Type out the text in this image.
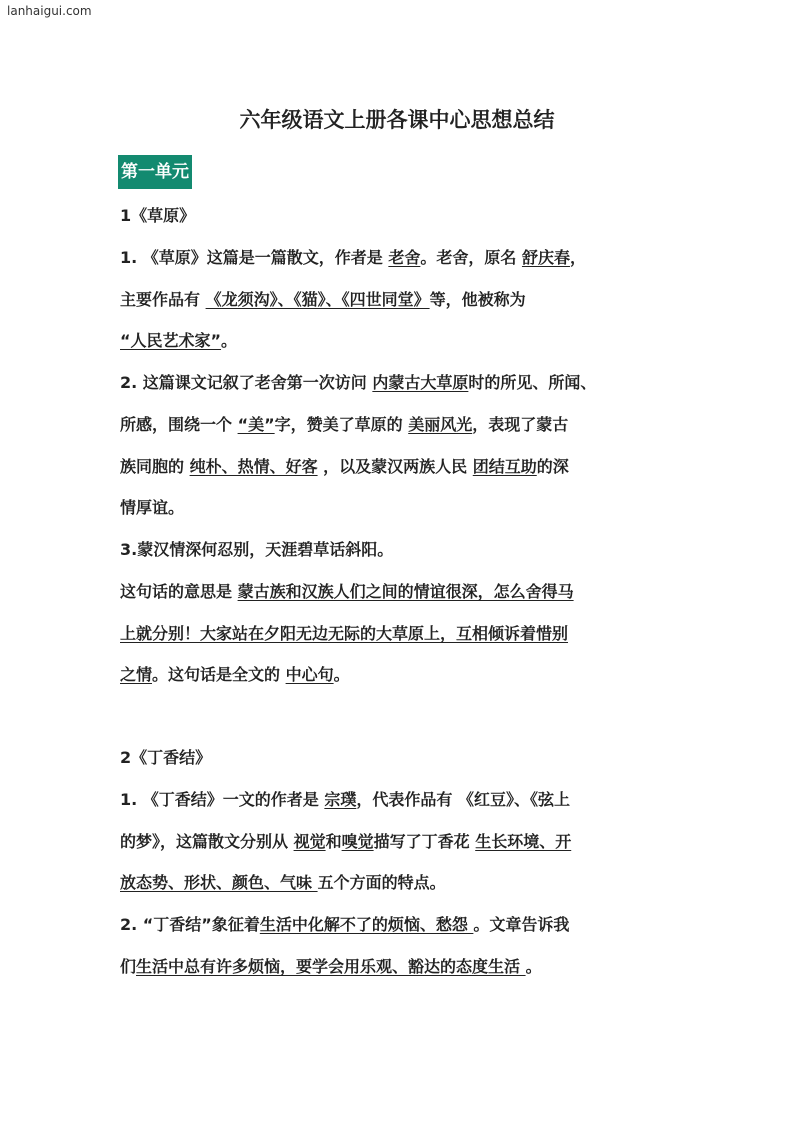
lanhaigui.com
六年级语文上册各课中心思想总结
第一单元
1《草原》
1. 《草原》这篇是一篇散文，作者是 老舍。老舍，原名 舒庆春，
主要作品有 《龙须沟》、《猫》、《四世同堂》等，他被称为
“人民艺术家”。
2. 这篇课文记叙了老舍第一次访问 内蒙古大草原时的所见、所闻、
所感，围绕一个 “美”字，赞美了草原的 美丽风光，表现了蒙古
族同胞的 纯朴、热情、好客 ，以及蒙汉两族人民 团结互助的深
情厚谊。
3.蒙汉情深何忍别，天涯碧草话斜阳。
这句话的意思是 蒙古族和汉族人们之间的情谊很深，怎么舍得马
上就分别！大家站在夕阳无边无际的大草原上，互相倾诉着惜别
之情。这句话是全文的 中心句。
2《丁香结》
1. 《丁香结》一文的作者是 宗璞，代表作品有 《红豆》、《弦上
的梦》，这篇散文分别从 视觉和嗅觉描写了丁香花 生长环境、开
放态势、形状、颜色、气味 五个方面的特点。
2. “丁香结”象征着生活中化解不了的烦恼、愁怨 。文章告诉我
们生活中总有许多烦恼，要学会用乐观、豁达的态度生活 。
